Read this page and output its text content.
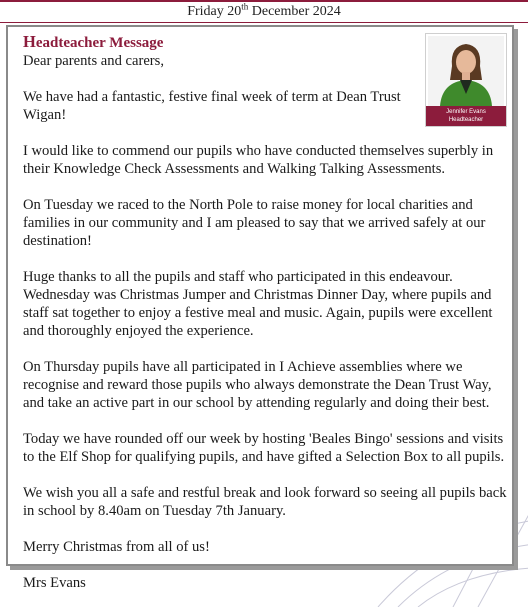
Friday 20th December 2024
Jennifer Evans
Headteacher
Headteacher Message

Dear parents and carers,

We have had a fantastic, festive final week of term at Dean Trust Wigan!

I would like to commend our pupils who have conducted themselves superbly in their Knowledge Check Assessments and Walking Talking Assessments.

On Tuesday we raced to the North Pole to raise money for local charities and families in our community and I am pleased to say that we arrived safely at our destination!

Huge thanks to all the pupils and staff who participated in this endeavour. Wednesday was Christmas Jumper and Christmas Dinner Day, where pupils and staff sat together to enjoy a festive meal and music. Again, pupils were excellent and thoroughly enjoyed the experience.

On Thursday pupils have all participated in I Achieve assemblies where we recognise and reward those pupils who always demonstrate the Dean Trust Way, and take an active part in our school by attending regularly and doing their best.

Today we have rounded off our week by hosting 'Beales Bingo' sessions and visits to the Elf Shop for qualifying pupils, and have gifted a Selection Box to all pupils.

We wish you all a safe and restful break and look forward so seeing all pupils back in school by 8.40am on Tuesday 7th January.

Merry Christmas from all of us!

Mrs Evans
